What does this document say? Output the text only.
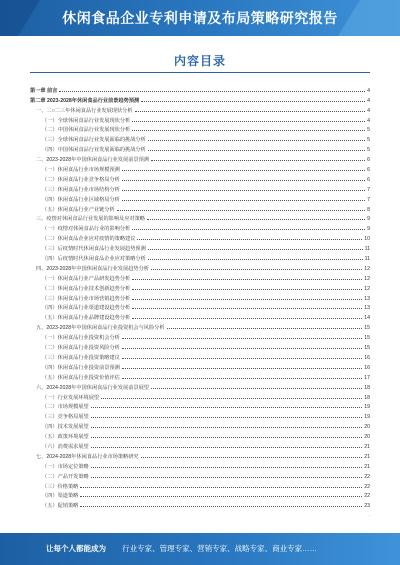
休闲食品企业专利申请及布局策略研究报告
内容目录
第一章 前言	4
第二章 2023-2028年休闲食品行业前景趋势预测	4
一、二○二三年休闲食品行业发展现状分析	4
（一）全球休闲食品行业发展现状分析	4
（二）中国休闲食品行业发展现状分析	5
（三）全球休闲食品行业发展面临的挑战分析	5
（四）中国休闲食品行业发展面临的挑战分析	5
二、2023-2028年中国休闲食品行业发展前景预测	6
（一）休闲食品行业市场规模预测	6
（二）休闲食品行业竞争格局分析	6
（三）休闲食品行业市场结构分析	7
（四）休闲食品行业区域格局分析	7
（五）休闲食品行业产业链分析	8
三、疫情对休闲食品行业发展的影响及应对策略	9
（一）疫情对休闲食品行业的影响分析	9
（二）休闲食品企业应对疫情的策略建议	10
（三）后疫情时代休闲食品行业发展趋势预测	11
（四）后疫情时代休闲食品企业应对策略分析	11
四、2023-2028年中国休闲食品行业发展趋势分析	12
（一）休闲食品行业产品研发趋势分析	12
（二）休闲食品行业技术创新趋势分析	12
（三）休闲食品行业市场营销趋势分析	13
（四）休闲食品行业渠道建设趋势分析	13
（五）休闲食品行业品牌建设趋势分析	14
五、2023-2028年中国休闲食品行业投资机会与风险分析	15
（一）休闲食品行业投资机会分析	15
（二）休闲食品行业投资风险分析	15
（三）休闲食品行业投资策略建议	16
（四）休闲食品行业投资前景预测	16
（五）休闲食品行业投资价值评估	17
六、2024-2028年中国休闲食品行业发展前景展望	18
（一）行业发展环境展望	18
（二）市场规模展望	19
（三）竞争格局展望	19
（四）技术发展展望	20
（五）政策环境展望	20
（六）消费需求展望	21
七、2024-2028年休闲食品行业市场策略研究	21
（一）市场定位策略	21
（二）产品开发策略	22
（三）价格策略	22
（四）渠道策略	22
（五）促销策略	23
·
让每个人都能成为 行业专家、管理专家、营销专家、战略专家、商业专家……
